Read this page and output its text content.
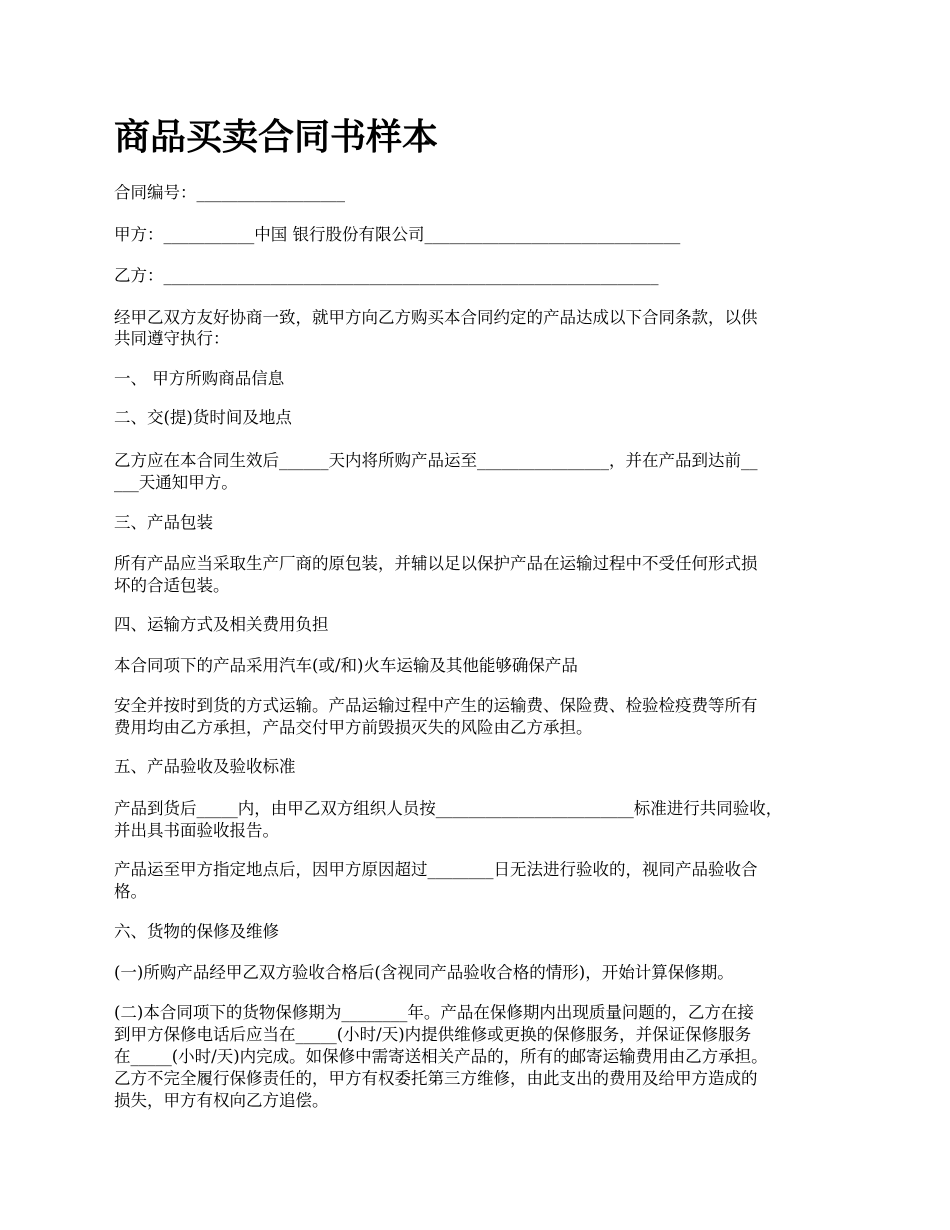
商品买卖合同书样本
合同编号：__________________
甲方：___________中国 银行股份有限公司_______________________________
乙方：____________________________________________________________
经甲乙双方友好协商一致，就甲方向乙方购买本合同约定的产品达成以下合同条款，以供
共同遵守执行：
一、 甲方所购商品信息
二、交(提)货时间及地点
乙方应在本合同生效后______天内将所购产品运至________________，并在产品到达前__
___天通知甲方。
三、产品包装
所有产品应当采取生产厂商的原包装，并辅以足以保护产品在运输过程中不受任何形式损
坏的合适包装。
四、运输方式及相关费用负担
本合同项下的产品采用汽车(或/和)火车运输及其他能够确保产品
安全并按时到货的方式运输。产品运输过程中产生的运输费、保险费、检验检疫费等所有
费用均由乙方承担，产品交付甲方前毁损灭失的风险由乙方承担。
五、产品验收及验收标准
产品到货后_____内，由甲乙双方组织人员按________________________标准进行共同验收，
并出具书面验收报告。
产品运至甲方指定地点后，因甲方原因超过________日无法进行验收的，视同产品验收合
格。
六、货物的保修及维修
(一)所购产品经甲乙双方验收合格后(含视同产品验收合格的情形)，开始计算保修期。
(二)本合同项下的货物保修期为________年。产品在保修期内出现质量问题的，乙方在接
到甲方保修电话后应当在_____(小时/天)内提供维修或更换的保修服务，并保证保修服务
在_____(小时/天)内完成。如保修中需寄送相关产品的，所有的邮寄运输费用由乙方承担。
乙方不完全履行保修责任的，甲方有权委托第三方维修，由此支出的费用及给甲方造成的
损失，甲方有权向乙方追偿。
